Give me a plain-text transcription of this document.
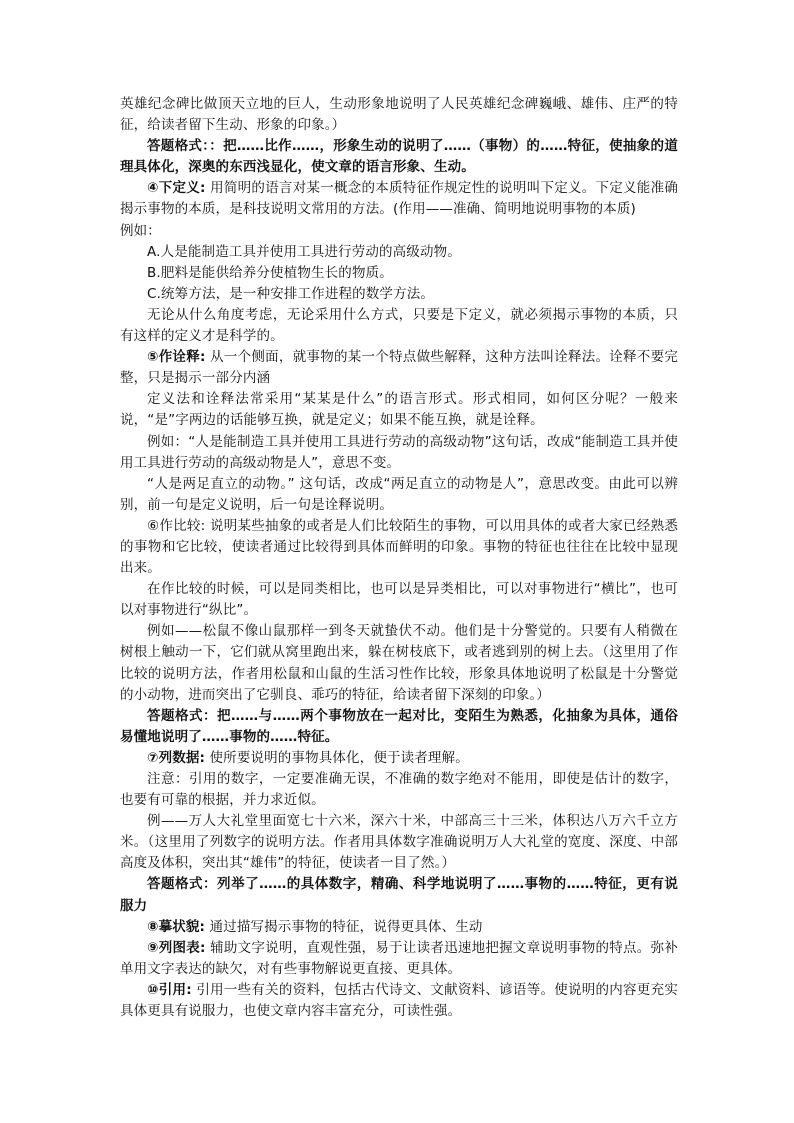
英雄纪念碑比做顶天立地的巨人，生动形象地说明了人民英雄纪念碑巍峨、雄伟、庄严的特征，给读者留下生动、形象的印象。）

答题格式：：把……比作……，形象生动的说明了……（事物）的……特征，使抽象的道理具体化，深奥的东西浅显化，使文章的语言形象、生动。

④下定义: 用简明的语言对某一概念的本质特征作规定性的说明叫下定义。下定义能准确揭示事物的本质，是科技说明文常用的方法。(作用——准确、简明地说明事物的本质)

例如：

A.人是能制造工具并使用工具进行劳动的高级动物。

B.肥料是能供给养分使植物生长的物质。

C.统筹方法，是一种安排工作进程的数学方法。

无论从什么角度考虑，无论采用什么方式，只要是下定义，就必须揭示事物的本质，只有这样的定义才是科学的。

⑤作诠释: 从一个侧面，就事物的某一个特点做些解释，这种方法叫诠释法。诠释不要完整，只是揭示一部分内涵

定义法和诠释法常采用“某某是什么”的语言形式。形式相同，如何区分呢？一般来说，“是”字两边的话能够互换，就是定义；如果不能互换，就是诠释。

例如：“人是能制造工具并使用工具进行劳动的高级动物”这句话，改成“能制造工具并使用工具进行劳动的高级动物是人”，意思不变。

“人是两足直立的动物。” 这句话，改成“两足直立的动物是人”，意思改变。由此可以辨别，前一句是定义说明，后一句是诠释说明。

⑥作比较: 说明某些抽象的或者是人们比较陌生的事物，可以用具体的或者大家已经熟悉的事物和它比较，使读者通过比较得到具体而鲜明的印象。事物的特征也往往在比较中显现出来。

在作比较的时候，可以是同类相比，也可以是异类相比，可以对事物进行“横比”，也可以对事物进行“纵比”。

例如——松鼠不像山鼠那样一到冬天就蛰伏不动。他们是十分警觉的。只要有人稍微在树根上触动一下，它们就从窝里跑出来，躲在树枝底下，或者逃到别的树上去。（这里用了作比较的说明方法，作者用松鼠和山鼠的生活习性作比较，形象具体地说明了松鼠是十分警觉的小动物，进而突出了它驯良、乖巧的特征，给读者留下深刻的印象。）

答题格式：把……与……两个事物放在一起对比，变陌生为熟悉，化抽象为具体，通俗易懂地说明了……事物的……特征。

⑦列数据: 使所要说明的事物具体化，便于读者理解。

注意：引用的数字，一定要准确无误，不准确的数字绝对不能用，即使是估计的数字，也要有可靠的根据，并力求近似。

例——万人大礼堂里面宽七十六米，深六十米，中部高三十三米，体积达八万六千立方米。（这里用了列数字的说明方法。作者用具体数字准确说明万人大礼堂的宽度、深度、中部高度及体积，突出其“雄伟”的特征，使读者一目了然。）

答题格式：列举了……的具体数字，精确、科学地说明了……事物的……特征，更有说服力

⑧摹状貌: 通过描写揭示事物的特征，说得更具体、生动

⑨列图表: 辅助文字说明，直观性强，易于让读者迅速地把握文章说明事物的特点。弥补单用文字表达的缺欠，对有些事物解说更直接、更具体。

⑩引用: 引用一些有关的资料，包括古代诗文、文献资料、谚语等。使说明的内容更充实具体更具有说服力，也使文章内容丰富充分，可读性强。
